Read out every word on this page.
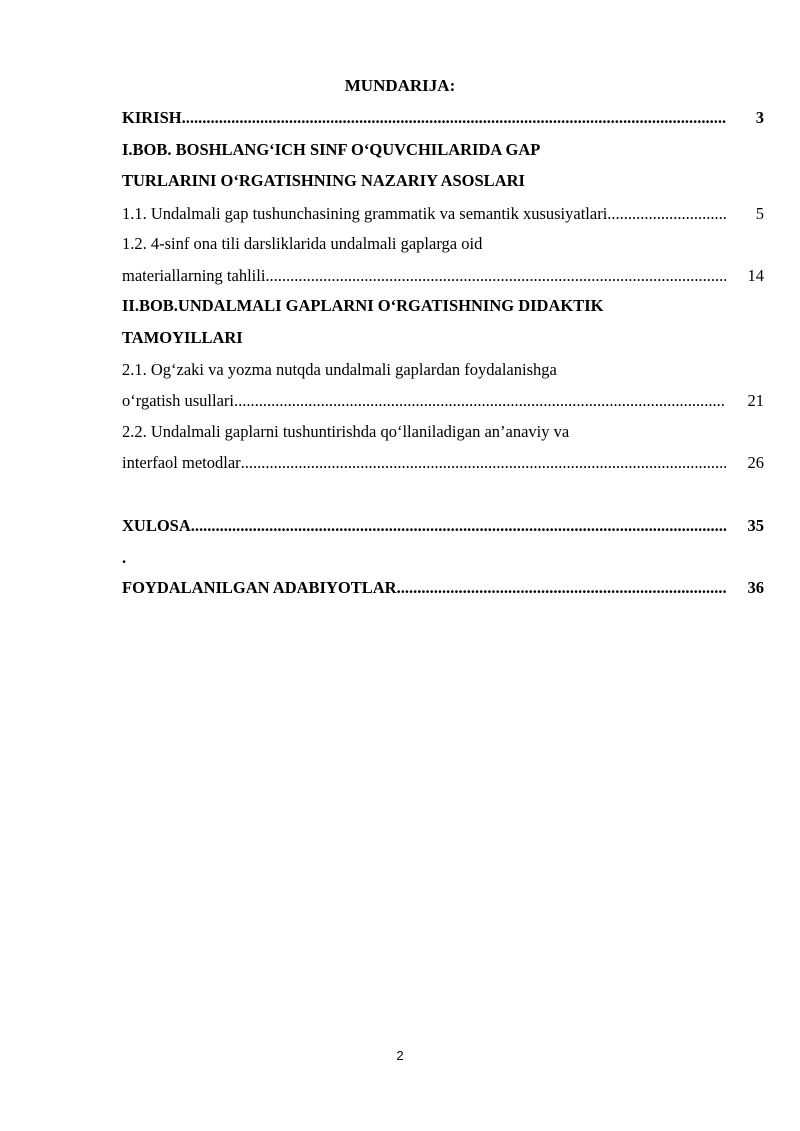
MUNDARIJA:
KIRISH .....	3
I.BOB. BOSHLANG‘ICH SINF O‘QUVCHILARIDA GAP
TURLARINI O‘RGATISHNING NAZARIY ASOSLARI
1.1. Undalmali gap tushunchasining grammatik va semantik xususiyatlari .....	5
1.2. 4-sinf ona tili darsliklarida undalmali gaplarga oid
materiallarning tahlili .....	14
II.BOB.UNDALMALI GAPLARNI O‘RGATISHNING DIDAKTIK
TAMOYILLARI
2.1. Og‘zaki va yozma nutqda undalmali gaplardan foydalanishga
o‘rgatish usullari .....	21
2.2. Undalmali gaplarni tushuntirishda qo‘llaniladigan an’anaviy va
interfaol metodlar .....	26
XULOSA .....	35
.
FOYDALANILGAN ADABIYOTLAR .....	36
2
